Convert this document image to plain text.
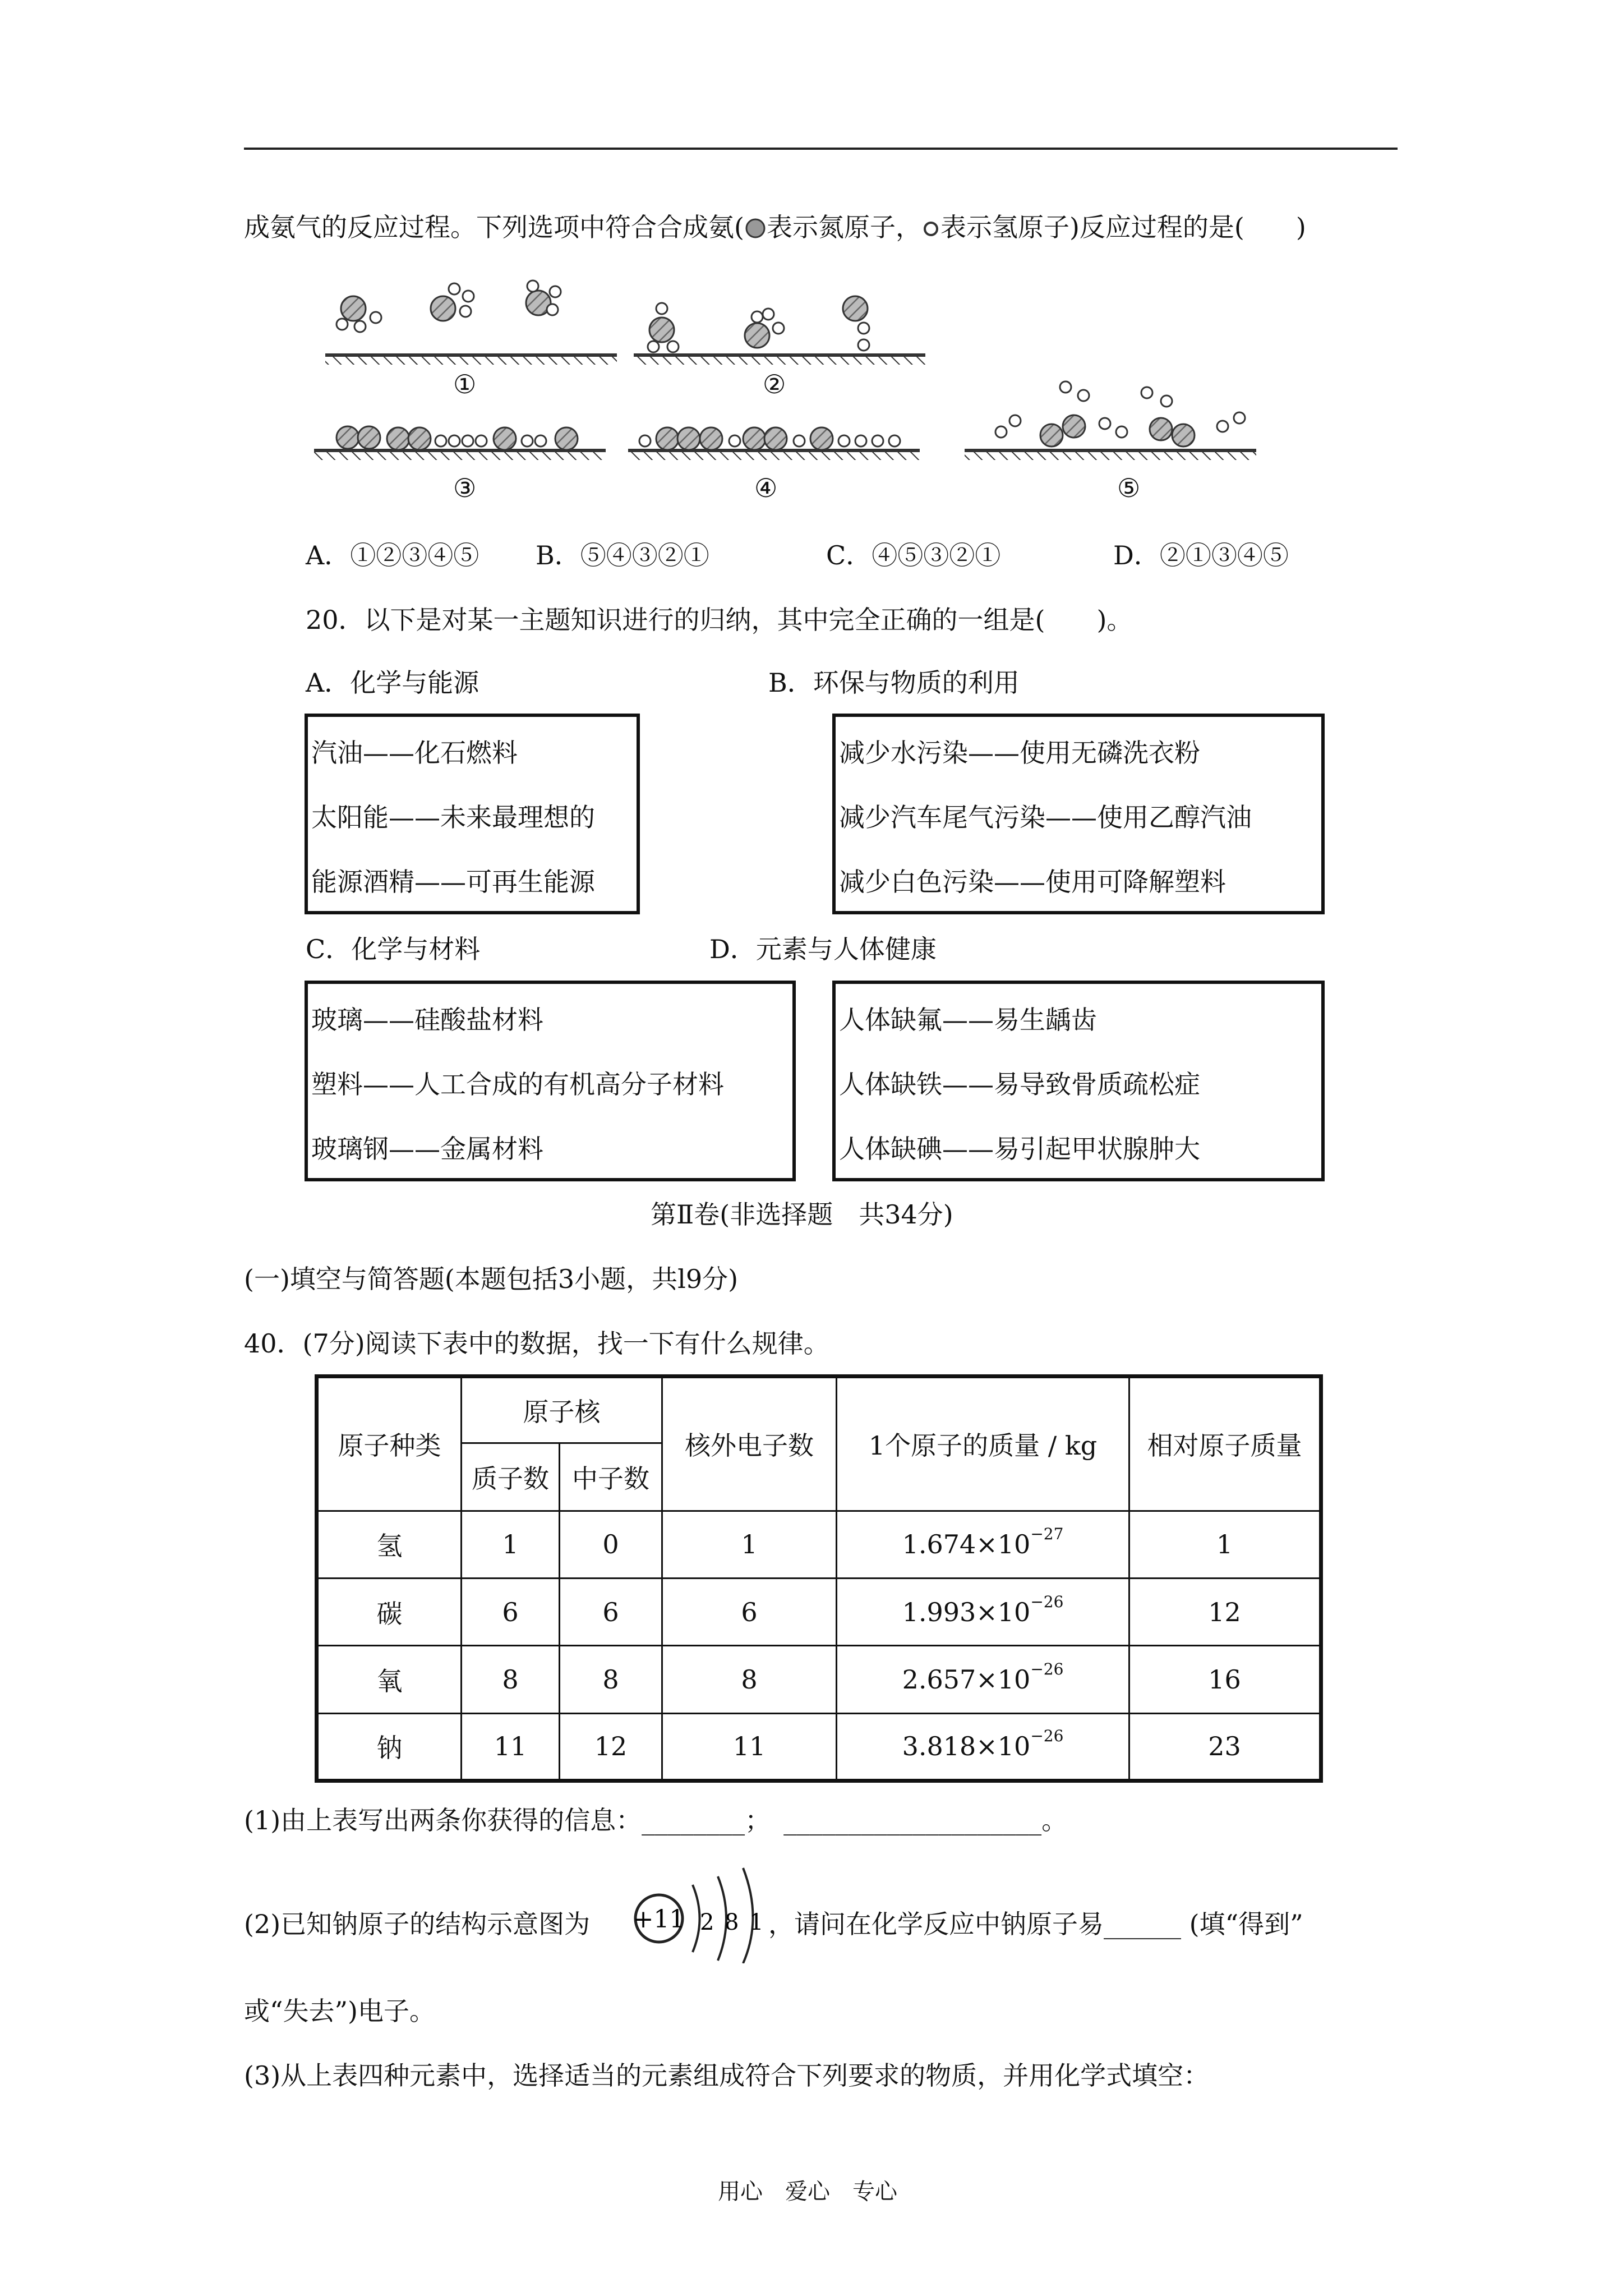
成氨气的反应过程。下列选项中符合合成氨( 表示氮原子， 表示氢原子)反应过程的是(　　)
①	②
③	④	⑤
A．①②③④⑤ B．⑤④③②①	C．④⑤③②①	D．②①③④⑤
20．以下是对某一主题知识进行的归纳，其中完全正确的一组是(　　)。
A．化学与能源	B．环保与物质的利用
汽油——化石燃料
太阳能——未来最理想的
能源酒精——可再生能源
减少水污染——使用无磷洗衣粉
减少汽车尾气污染——使用乙醇汽油
减少白色污染——使用可降解塑料
C．化学与材料	D．元素与人体健康
玻璃——硅酸盐材料
塑料——人工合成的有机高分子材料
玻璃钢——金属材料
人体缺氟——易生龋齿
人体缺铁——易导致骨质疏松症
人体缺碘——易引起甲状腺肿大
第Ⅱ卷(非选择题　共34分)
(一)填空与简答题(本题包括3小题，共l9分)
40．(7分)阅读下表中的数据，找一下有什么规律。
原子种类	原子核		核外电子数	1个原子的质量 / kg	相对原子质量
	质子数	中子数			
氢	1	0	1	$1.674\times 10^{-27}$	1
碳	6	6	6	$1.993\times 10^{-26}$	12
氧	8	8	8	$2.657\times 10^{-26}$	16
钠	11	12	11	$3.818\times 10^{-26}$	23
(1)由上表写出两条你获得的信息：________；　____________________。
(2)已知钠原子的结构示意图为 +11 2 8 1 ，请问在化学反应中钠原子易______ (填“得到”
或“失去”)电子。
(3)从上表四种元素中，选择适当的元素组成符合下列要求的物质，并用化学式填空：
用心　爱心　专心
